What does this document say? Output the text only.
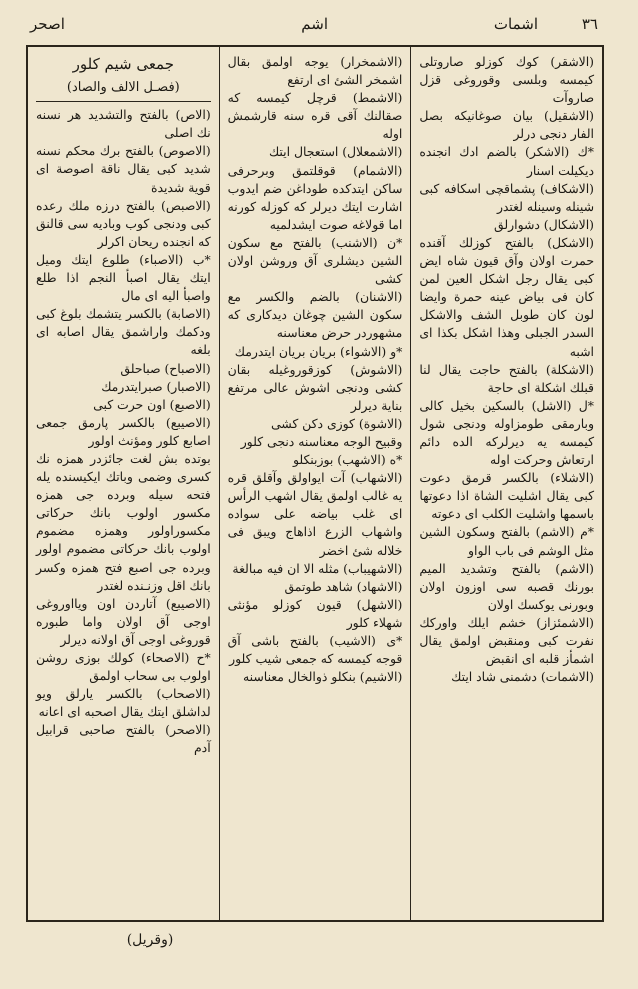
٣٦
اشمات
اشم
اصحر

(الاشقر) كوك كوزلو صاروتلى كيمسه وبلسى وقوروغى قزل صاروآت

(الاشقيل) بيان صوغانيكه بصل الفار دنجى درلر

*ك (الاشكر) بالضم ادك انجنده ديكيلت اسنار

(الاشكاف) پشماقچى اسكافه كبى شينله وسينله لغتدر

(الاشكال) دشوارلق

(الاشكل) بالفتح كوزلك آقنده حمرت اولان وآق قيون شاه ايض كبى يقال رجل اشكل العين لمن كان فى بياض عينه حمرة وايضا لون كان طوبل الشف والاشكل السدر الجبلى وهذا اشكل بكذا اى اشبه

(الاشكلة) بالفتح حاجت يقال لنا قبلك اشكلة اى حاجة

*ل (الاشل) بالسكين بخيل كالى وبارمقى طومزاوله ودنجى شول كيمسه يه ديرلركه الده دائم ارتعاش وحركت اوله

(الاشلاء) بالكسر قرمق دعوت كبى يقال اشليت الشاة اذا دعوتها باسمها واشليت الكلب اى دعوته

*م (الاشم) بالفتح وسكون الشين مثل الوشم فى باب الواو

(الاشم) بالفتح وتشديد الميم بورنك قصبه سى اوزون اولان وبورنى يوكسك اولان

(الاشمئزاز) خشم ايلك واوركك نفرت كبى ومنقبض اولمق يقال اشمأز قلبه اى انقبض

(الاشمات) دشمنى شاد ايتك

(الاشمخرار) يوجه اولمق بقال اشمخر الشئ اى ارتفع

(الاشمط) قرچل كيمسه كه صقالنك آقى قره سنه قارشمش اوله

(الاشمعلال) استعجال ايتك

(الاشمام) قوقلتمق وبرحرفى ساكن ايتدكده طوداغن ضم ايدوب اشارت ايتك ديرلر كه كوزله كورنه اما قولاغه صوت ايشدلميه

*ن (الاشنب) بالفتح مع سكون الشين ديشلرى آق وروشن اولان كشى

(الاشنان) بالضم والكسر مع سكون الشين چوغان ديدكارى كه مشهوردر حرض معناسنه

*و (الاشواء) بريان بريان ايتدرمك

(الاشوش) كوزقوروغيله بقان كشى ودنجى اشوش عالى مرتفع بناية ديرلر

(الاشوة) كوزى دكن كشى

وقبيح الوجه معناسنه دنجى كلور

*ه (الاشهب) بوزبنكلو

(الاشهاب) آت ايواولق وآقلق قره يه غالب اولمق يقال اشهب الرأس اى غلب بياضه على سواده واشهاب الزرع اذاهاج ويبق فى خلاله شئ اخضر

(الاشهيباب) مثله الا ان فيه مبالغة

(الاشهاد) شاهد طوتمق

(الاشهل) قيون كوزلو مؤنثى شهلاء كلور

*ى (الاشيب) بالفتح باشى آق قوجه كيمسه كه جمعى شيب كلور

(الاشيم) بنكلو ذوالخال معناسنه

جمعى شيم كلور
(فصـل الالف والصاد)

(الاص) بالفتح والتشديد هر نسنه نك اصلى

(الاصوص) بالفتح برك محكم نسنه شديد كبى يقال ناقة اصوصة اى قوية شديدة

(الاصبص) بالفتح درزه ملك رعده كبى ودنجى كوب وباديه سى قالنق كه انجنده ريحان اكرلر

*ب (الاصباء) طلوع ايتك وميل ايتك يقال اصبأ النجم اذا طلع واصبأ اليه اى مال

(الاصابة) بالكسر يتشمك بلوغ كبى ودكمك واراشمق يقال اصابه اى بلغه

(الاصباح) صباحلق

(الاصبار) صبرايتدرمك

(الاصبع) اون حرت كبى

(الاصيبع) بالكسر پارمق جمعى اصابع كلور ومؤنث اولور

بوتده بش لغت جائزدر همزه نك كسرى وضمى وباتك ايكيسنده يله فتحه سيله وبرده جى همزه مكسور اولوب بانك حركاتى مكسوراولور وهمزه مضموم اولوب بانك حركاتى مضموم اولور وبرده جى اصبع فتح همزه وكسر بانك اقل وزنـنده لغتدر

(الاصيبع) آتاردن اون ويااوروغى اوجى آق اولان واما طبوره قوروغى اوجى آق اولانه ديرلر

*ح (الاصحاء) كولك بوزى روشن اولوب بى سحاب اولمق

(الاصحاب) بالكسر يارلق ويو لداشلق ايتك يقال اصحبه اى اعانه

(الاصحر) بالفتح صاحبى قرابيل آدم

(وقريل)
